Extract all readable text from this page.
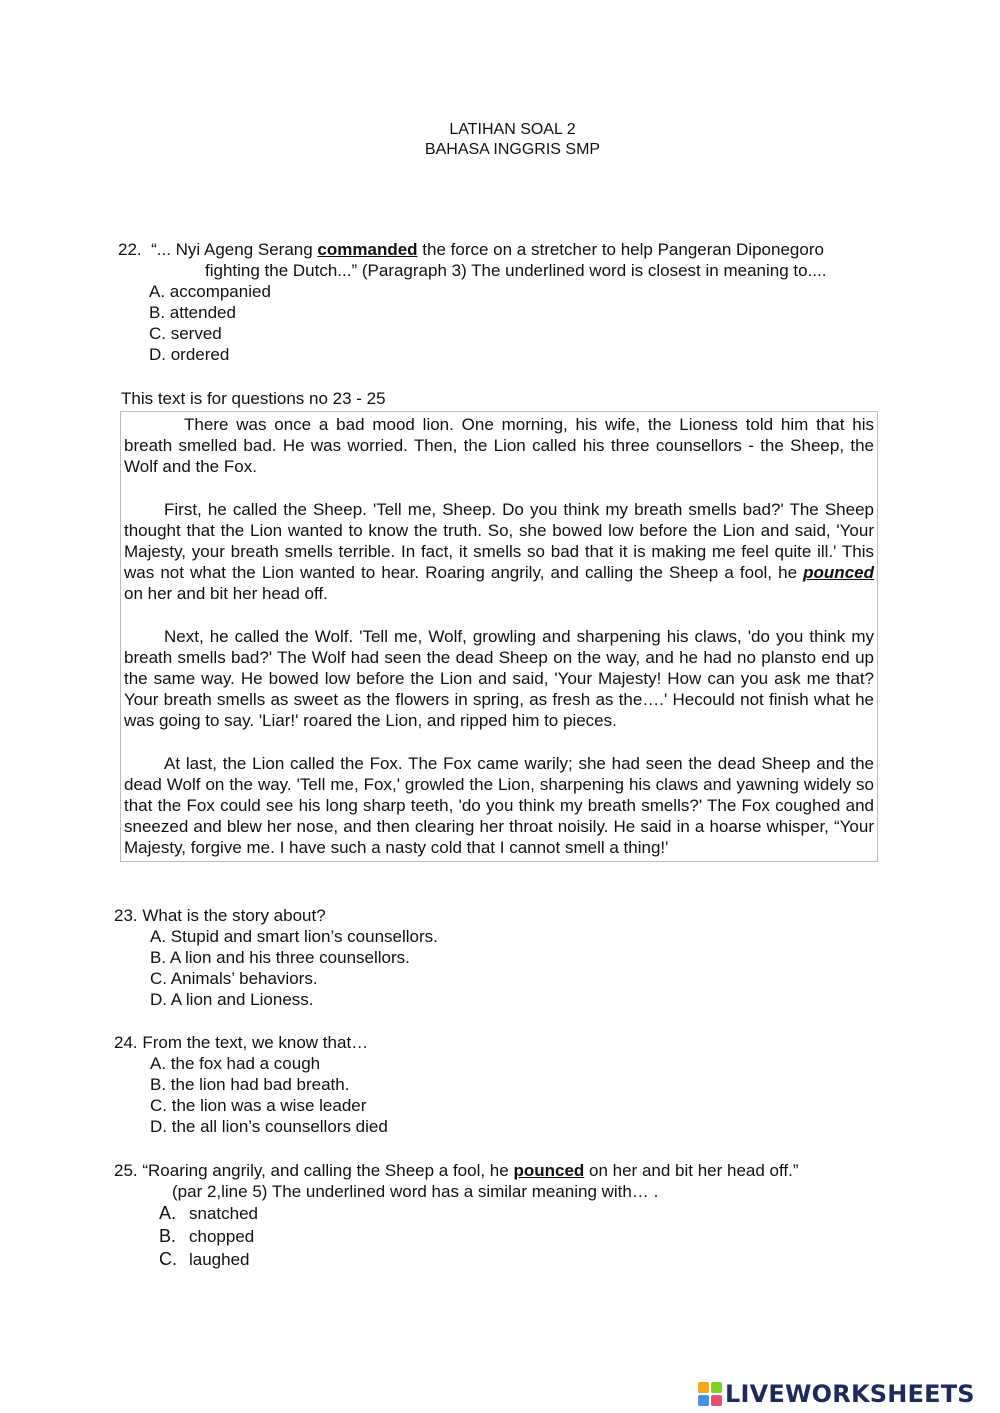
LATIHAN SOAL 2
BAHASA INGGRIS SMP
22. “... Nyi Ageng Serang commanded the force on a stretcher to help Pangeran Diponegoro
fighting the Dutch...” (Paragraph 3) The underlined word is closest in meaning to....
A. accompanied
B. attended
C. served
D. ordered
This text is for questions no 23 - 25

There was once a bad mood lion. One morning, his wife, the Lioness told him that his breath smelled bad. He was worried. Then, the Lion called his three counsellors - the Sheep, the Wolf and the Fox.

First, he called the Sheep. 'Tell me, Sheep. Do you think my breath smells bad?' The Sheep thought that the Lion wanted to know the truth. So, she bowed low before the Lion and said, 'Your Majesty, your breath smells terrible. In fact, it smells so bad that it is making me feel quite ill.' This was not what the Lion wanted to hear. Roaring angrily, and calling the Sheep a fool, he pounced on her and bit her head off.

Next, he called the Wolf. 'Tell me, Wolf, growling and sharpening his claws, 'do you think my breath smells bad?' The Wolf had seen the dead Sheep on the way, and he had no plansto end up the same way. He bowed low before the Lion and said, 'Your Majesty! How can you ask me that? Your breath smells as sweet as the flowers in spring, as fresh as the….' Hecould not finish what he was going to say. 'Liar!' roared the Lion, and ripped him to pieces.

At last, the Lion called the Fox. The Fox came warily; she had seen the dead Sheep and the dead Wolf on the way. 'Tell me, Fox,' growled the Lion, sharpening his claws and yawning widely so that the Fox could see his long sharp teeth, 'do you think my breath smells?' The Fox coughed and sneezed and blew her nose, and then clearing her throat noisily. He said in a hoarse whisper, “Your Majesty, forgive me. I have such a nasty cold that I cannot smell a thing!'

23. What is the story about?
A. Stupid and smart lion’s counsellors.
B. A lion and his three counsellors.
C. Animals’ behaviors.
D. A lion and Lioness.
24. From the text, we know that…
A. the fox had a cough
B. the lion had bad breath.
C. the lion was a wise leader
D. the all lion’s counsellors died
25. “Roaring angrily, and calling the Sheep a fool, he pounced on her and bit her head off.”
(par 2,line 5) The underlined word has a similar meaning with… .
A. snatched
B. chopped
C. laughed
LIVEWORKSHEETS
